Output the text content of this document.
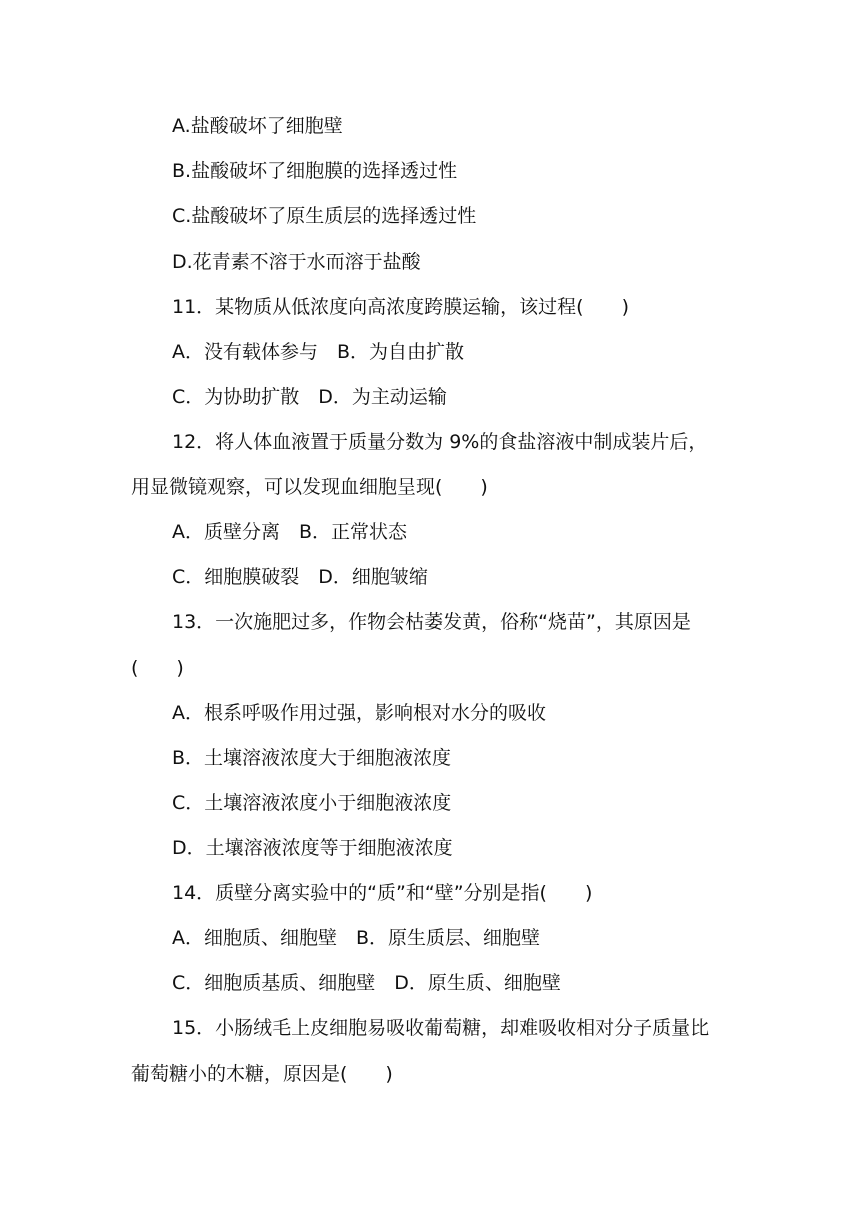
A.盐酸破坏了细胞壁
B.盐酸破坏了细胞膜的选择透过性
C.盐酸破坏了原生质层的选择透过性
D.花青素不溶于水而溶于盐酸
11．某物质从低浓度向高浓度跨膜运输，该过程(　　)
A．没有载体参与　B．为自由扩散
C．为协助扩散　D．为主动运输
12．将人体血液置于质量分数为 9%的食盐溶液中制成装片后，
用显微镜观察，可以发现血细胞呈现(　　)
A．质壁分离　B．正常状态
C．细胞膜破裂　D．细胞皱缩
13．一次施肥过多，作物会枯萎发黄，俗称“烧苗”，其原因是
(　　)
A．根系呼吸作用过强，影响根对水分的吸收
B．土壤溶液浓度大于细胞液浓度
C．土壤溶液浓度小于细胞液浓度
D．土壤溶液浓度等于细胞液浓度
14．质壁分离实验中的“质”和“壁”分别是指(　　)
A．细胞质、细胞壁　B．原生质层、细胞壁
C．细胞质基质、细胞壁　D．原生质、细胞壁
15．小肠绒毛上皮细胞易吸收葡萄糖，却难吸收相对分子质量比
葡萄糖小的木糖，原因是(　　)
